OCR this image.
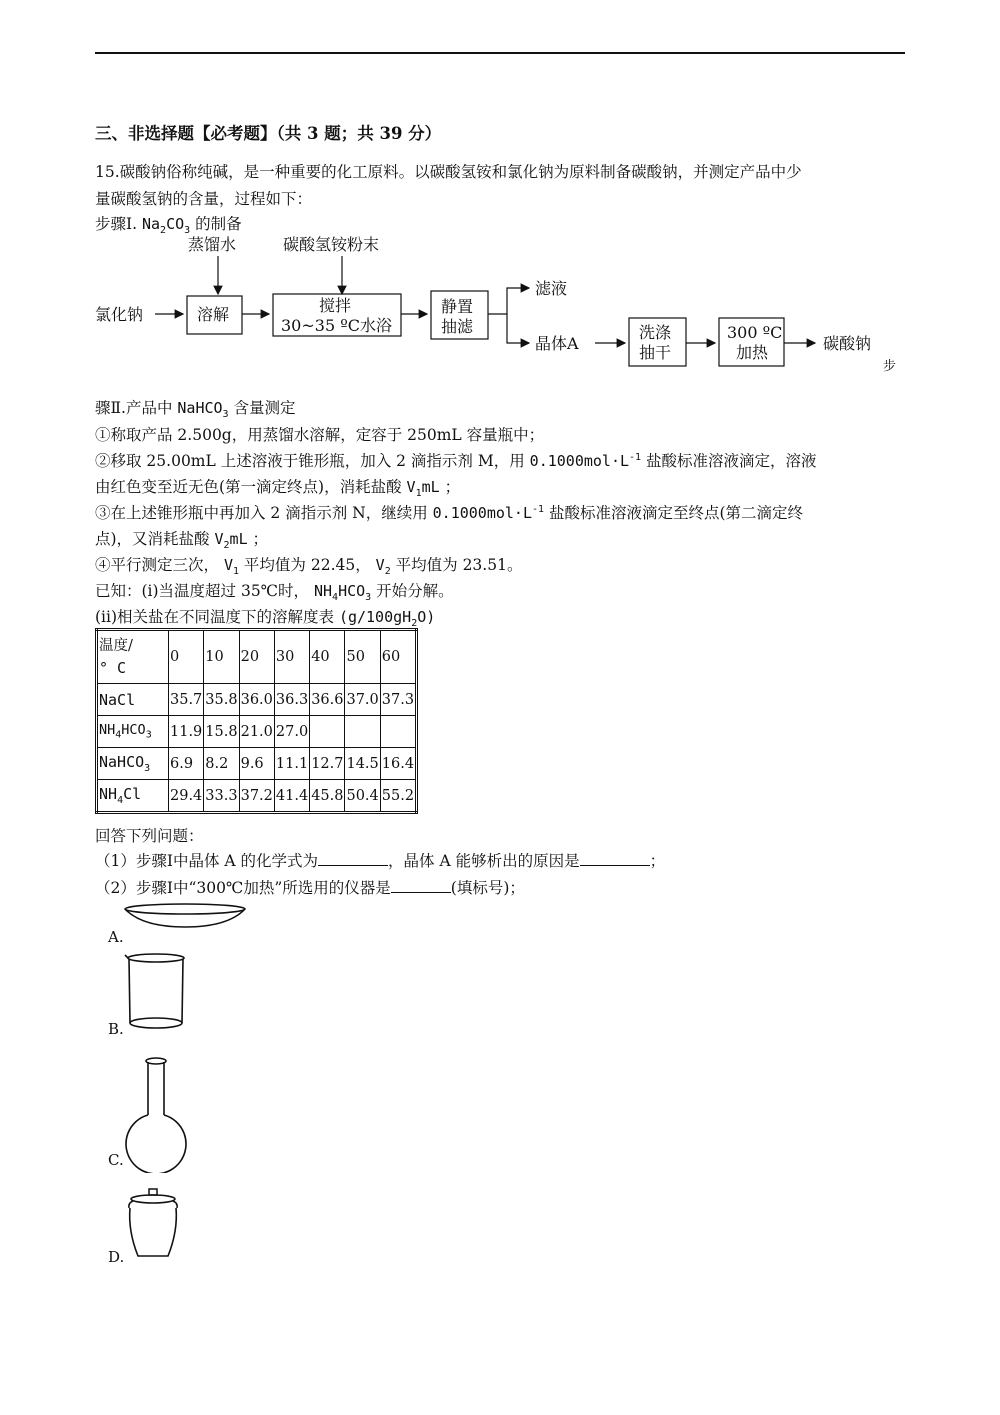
三、非选择题【必考题】（共 3 题；共 39 分）
15.碳酸钠俗称纯碱，是一种重要的化工原料。以碳酸氢铵和氯化钠为原料制备碳酸钠，并测定产品中少
量碳酸氢钠的含量，过程如下：
步骤Ⅰ. $Na_2CO_3$ 的制备
蒸馏水	碳酸氢铵粉末
氯化钠	溶解	搅拌
30~35 ºC水浴
静置
抽滤
滤液
晶体A
洗涤
抽干
300 ºC
加热	碳酸钠
步
骤Ⅱ.产品中 NaHCO$_3$ 含量测定
①称取产品 2.500g，用蒸馏水溶解，定容于 250mL 容量瓶中；
②移取 25.00mL 上述溶液于锥形瓶，加入 2 滴指示剂 M，用 $0.1000mol\cdot L^{-1}$ 盐酸标准溶液滴定，溶液
由红色变至近无色(第一滴定终点)，消耗盐酸 $V_1mL$ ；
③在上述锥形瓶中再加入 2 滴指示剂 N，继续用 $0.1000mol\cdot L^{-1}$ 盐酸标准溶液滴定至终点(第二滴定终
点)，又消耗盐酸 $V_2mL$ ；
④平行测定三次， $V_1$ 平均值为 22.45， $V_2$ 平均值为 23.51。
已知：(i)当温度超过 35℃时， $NH_4HCO_3$ 开始分解。
(ii)相关盐在不同温度下的溶解度表 $(g/100gH_2O)$
温度/
° C	0	10	20	30	40	50	60
NaCl	35.7	35.8	36.0	36.3	36.6	37.0	37.3
$NH_4HCO_3$	11.9	15.8	21.0	27.0			
NaHCO$_3$	6.9	8.2	9.6	11.1	12.7	14.5	16.4
$NH_4Cl$	29.4	33.3	37.2	41.4	45.8	50.4	55.2
回答下列问题：
（1）步骤Ⅰ中晶体 A 的化学式为	，晶体 A 能够析出的原因是	；
（2）步骤Ⅰ中“300℃加热”所选用的仪器是	(填标号)；
A.
B.
C.
D.
